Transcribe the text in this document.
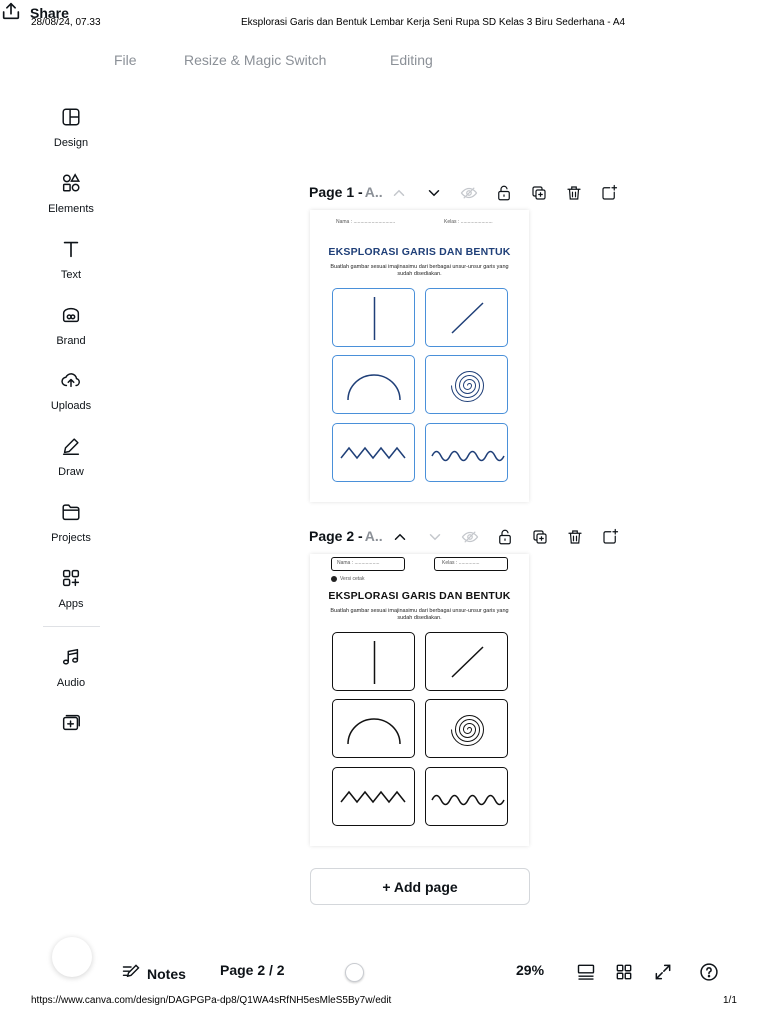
28/08/24, 07.33	Eksplorasi Garis dan Bentuk Lembar Kerja Seni Rupa SD Kelas 3 Biru Sederhana - A4
File	Resize & Magic Switch	Editing
Share
Design
Elements
Text
Brand
Uploads
Draw
Projects
Apps
Audio
Page 1 - A..
Nama : ..............................	Kelas : .......................
EKSPLORASI GARIS DAN BENTUK
Buatlah gambar sesuai imajinasimu dari berbagai unsur-unsur garis yang sudah disediakan.
Page 2 - A..
Nama : ..................	Kelas : ...............
Versi cetak
EKSPLORASI GARIS DAN BENTUK
Buatlah gambar sesuai imajinasimu dari berbagai unsur-unsur garis yang sudah disediakan.
+ Add page
Notes Page 2 / 2	29%
https://www.canva.com/design/DAGPGPa-dp8/Q1WA4sRfNH5esMleS5By7w/edit	1/1
